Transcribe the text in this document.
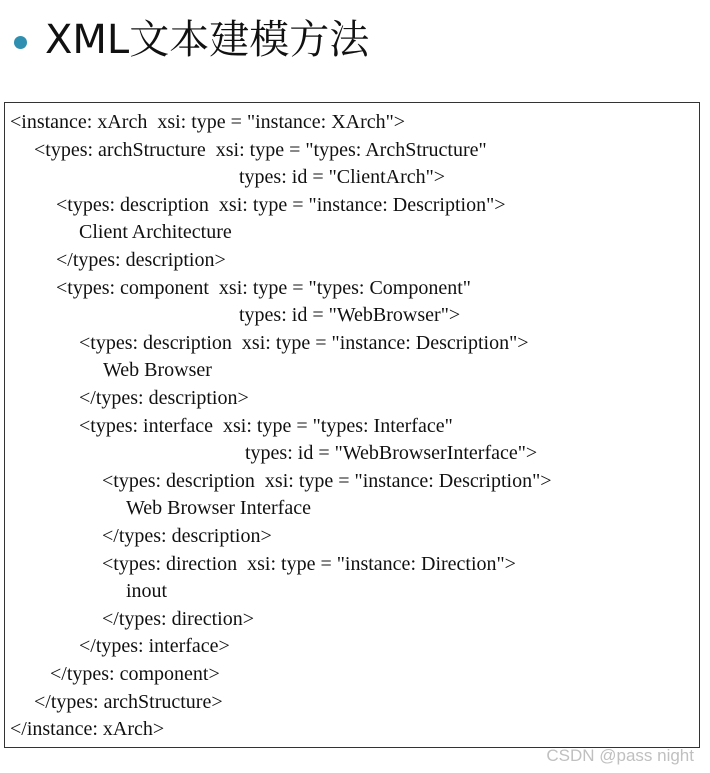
XML文本建模方法
<instance: xArch  xsi: type = "instance: XArch">
<types: archStructure  xsi: type = "types: ArchStructure"
types: id = "ClientArch">
<types: description  xsi: type = "instance: Description">
Client Architecture
</types: description>
<types: component  xsi: type = "types: Component"
types: id = "WebBrowser">
<types: description  xsi: type = "instance: Description">
Web Browser
</types: description>
<types: interface  xsi: type = "types: Interface"
types: id = "WebBrowserInterface">
<types: description  xsi: type = "instance: Description">
Web Browser Interface
</types: description>
<types: direction  xsi: type = "instance: Direction">
inout
</types: direction>
</types: interface>
</types: component>
</types: archStructure>
</instance: xArch>
CSDN @pass night
